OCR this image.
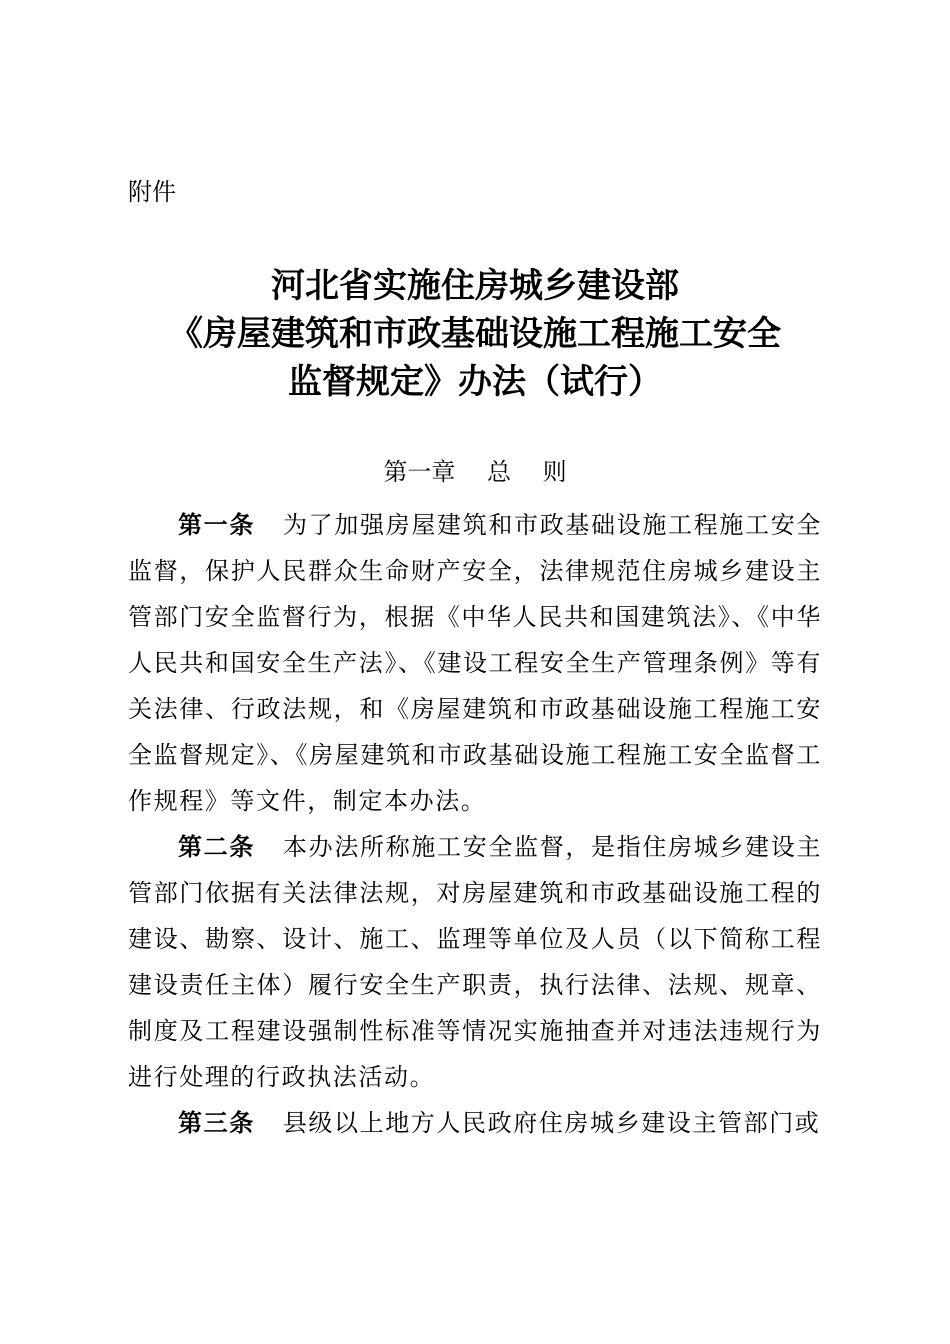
附件
河北省实施住房城乡建设部
《房屋建筑和市政基础设施工程施工安全
监督规定》办法（试行）
第一章　 总　 则

第一条 为了加强房屋建筑和市政基础设施工程施工安全监督，保护人民群众生命财产安全，法律规范住房城乡建设主管部门安全监督行为，根据《中华人民共和国建筑法》、《中华人民共和国安全生产法》、《建设工程安全生产管理条例》等有关法律、行政法规，和《房屋建筑和市政基础设施工程施工安全监督规定》、《房屋建筑和市政基础设施工程施工安全监督工作规程》等文件，制定本办法。

第二条 本办法所称施工安全监督，是指住房城乡建设主管部门依据有关法律法规，对房屋建筑和市政基础设施工程的建设、勘察、设计、施工、监理等单位及人员（以下简称工程建设责任主体）履行安全生产职责，执行法律、法规、规章、制度及工程建设强制性标准等情况实施抽查并对违法违规行为进行处理的行政执法活动。

第三条 县级以上地方人民政府住房城乡建设主管部门或
